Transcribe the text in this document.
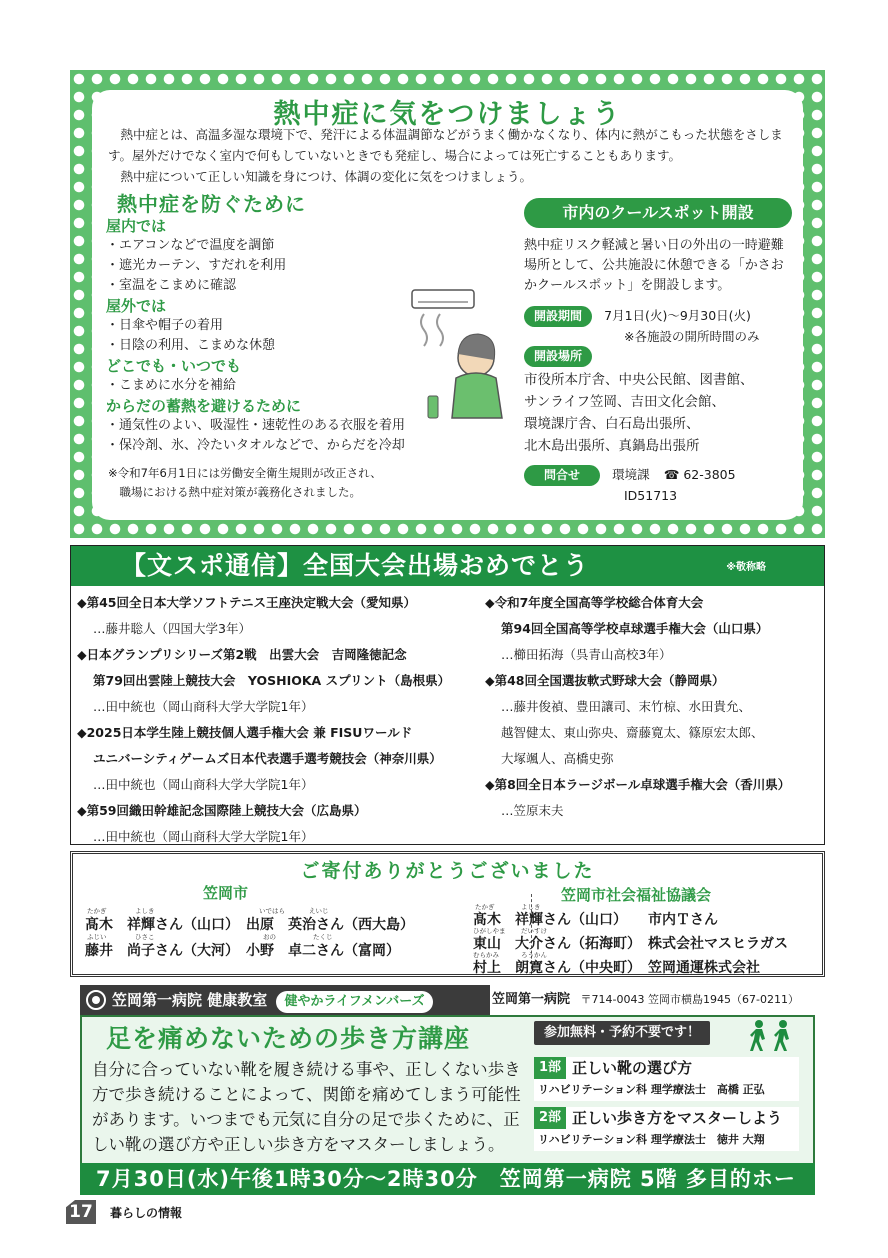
熱中症に気をつけましょう

熱中症とは、高温多湿な環境下で、発汗による体温調節などがうまく働かなくなり、体内に熱がこもった状態をさします。屋外だけでなく室内で何もしていないときでも発症し、場合によっては死亡することもあります。

熱中症について正しい知識を身につけ、体調の変化に気をつけましょう。

熱中症を防ぐために
屋内では
・エアコンなどで温度を調節
・遮光カーテン、すだれを利用
・室温をこまめに確認
屋外では
・日傘や帽子の着用
・日陰の利用、こまめな休憩
どこでも・いつでも
・こまめに水分を補給
からだの蓄熱を避けるために
・通気性のよい、吸湿性・速乾性のある衣服を着用
・保冷剤、氷、冷たいタオルなどで、からだを冷却
※令和7年6月1日には労働安全衛生規則が改正され、
職場における熱中症対策が義務化されました。
市内のクールスポット開設
熱中症リスク軽減と暑い日の外出の一時避難場所として、公共施設に休憩できる「かさおかクールスポット」を開設します。
開設期間 7月1日(火)～9月30日(火)
※各施設の開所時間のみ
開設場所
市役所本庁舎、中央公民館、図書館、
サンライフ笠岡、吉田文化会館、
環境課庁舎、白石島出張所、
北木島出張所、真鍋島出張所
問合せ	環境課 ☎ 62-3805
ID51713
【文スポ通信】全国大会出場おめでとう	※敬称略
◆第45回全日本大学ソフトテニス王座決定戦大会（愛知県）
…藤井聡人（四国大学3年）
◆日本グランプリシリーズ第2戦　出雲大会　吉岡隆徳記念
第79回出雲陸上競技大会　YOSHIOKA スプリント（島根県）
…田中統也（岡山商科大学大学院1年）
◆2025日本学生陸上競技個人選手権大会 兼 FISUワールド
ユニバーシティゲームズ日本代表選手選考競技会（神奈川県）
…田中統也（岡山商科大学大学院1年）
◆第59回織田幹雄記念国際陸上競技大会（広島県）
…田中統也（岡山商科大学大学院1年）
◆令和7年度全国高等学校総合体育大会
第94回全国高等学校卓球選手権大会（山口県）
…櫛田拓海（呉青山高校3年）
◆第48回全国選抜軟式野球大会（静岡県）
…藤井俊禎、豊田讓司、末竹椋、水田貴允、
越智健太、東山弥央、齋藤寛太、篠原宏太郎、
大塚颯人、高橋史弥
◆第8回全日本ラージボール卓球選手権大会（香川県）
…笠原末夫
ご寄付ありがとうございました
笠岡市	笠岡市社会福祉協議会
たかぎ	よしき	いではら	えいじ
髙木　祥輝さん（山口）　出原　英治さん（西大島）
ふじい	ひさこ	おの	たくじ
藤井　尚子さん（大河）　小野　卓二さん（富岡）
たかぎ	よしき
髙木　祥輝さん（山口）　　市内Ｔさん
ひがしやま だいすけ
東山　大介さん（拓海町）　株式会社マスヒラガス
むらかみ	ろうかん
村上　朗寛さん（中央町）　笠岡通運株式会社
笠岡第一病院 健康教室 健やかライフメンバーズ	笠岡第一病院 〒714-0043 笠岡市横島1945（67-0211）
足を痛めないための歩き方講座
自分に合っていない靴を履き続ける事や、正しくない歩き方で歩き続けることによって、関節を痛めてしまう可能性があります。いつまでも元気に自分の足で歩くために、正しい靴の選び方や正しい歩き方をマスターしましょう。
参加無料・予約不要です！
1部 正しい靴の選び方
リハビリテーション科 理学療法士　高橋 正弘
2部 正しい歩き方をマスターしよう
リハビリテーション科 理学療法士　徳井 大翔
7月30日(水)午後1時30分～2時30分　笠岡第一病院 5階 多目的ホール
17 暮らしの情報
